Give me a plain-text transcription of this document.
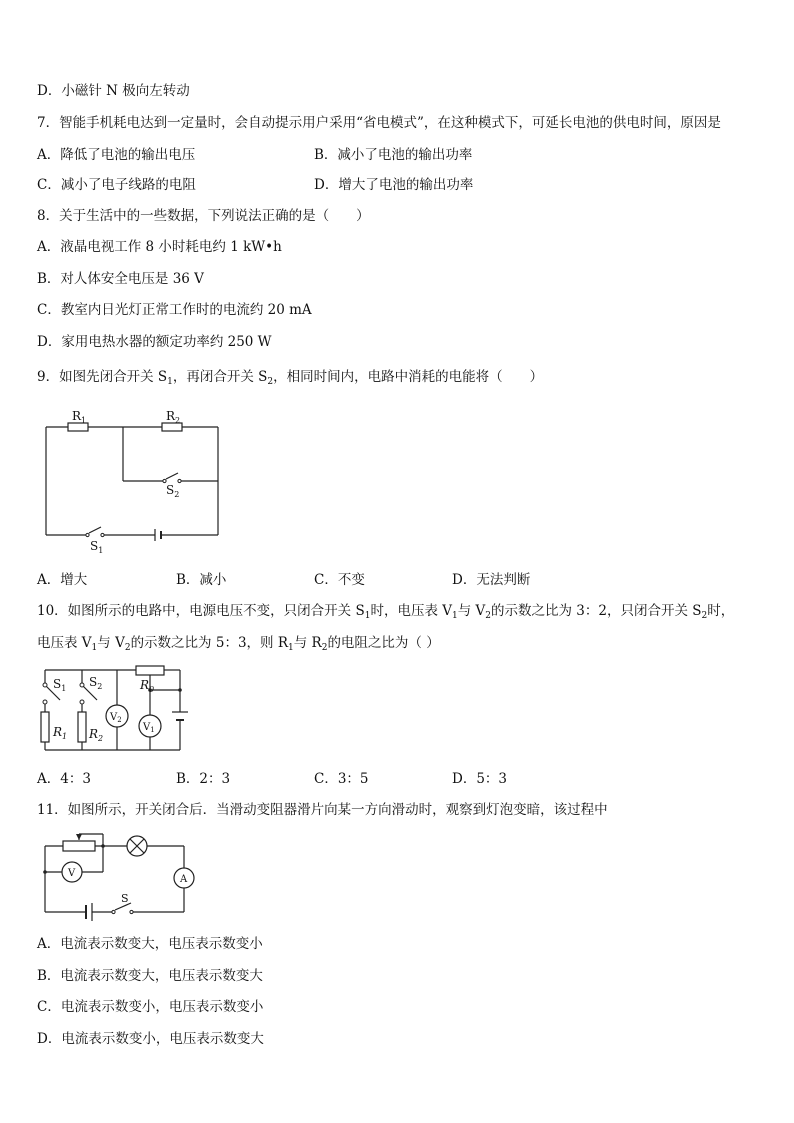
D．小磁针 N 极向左转动
7．智能手机耗电达到一定量时，会自动提示用户采用“省电模式”，在这种模式下，可延长电池的供电时间，原因是
A．降低了电池的输出电压	B．减小了电池的输出功率
C．减小了电子线路的电阻	D．增大了电池的输出功率
8．关于生活中的一些数据，下列说法正确的是（　　）
A．液晶电视工作 8 小时耗电约 1 kW•h
B．对人体安全电压是 36 V
C．教室内日光灯正常工作时的电流约 20 mA
D．家用电热水器的额定功率约 250 W
9．如图先闭合开关 $S_1$，再闭合开关 $S_2$，相同时间内，电路中消耗的电能将（　　）
$R_1$	$R_2$
$S_2$
$S_1$
A．增大	B．减小	C．不变	D．无法判断
10．如图所示的电路中，电源电压不变，只闭合开关 $S_1$时，电压表 $V_1$与 $V_2$的示数之比为 3：2，只闭合开关 $S_2$时，
电压表 $V_1$与 $V_2$的示数之比为 5：3，则 $R_1$与 $R_2$的电阻之比为（ ）
$S_1$ $S_2$	$R_0$
$R_1$ $R_2$
$V_2$
$V_1$
A．4：3	B．2：3	C．3：5	D．5：3
11．如图所示，开关闭合后．当滑动变阻器滑片向某一方向滑动时，观察到灯泡变暗，该过程中
V
A
S
A．电流表示数变大，电压表示数变小
B．电流表示数变大，电压表示数变大
C．电流表示数变小，电压表示数变小
D．电流表示数变小，电压表示数变大
